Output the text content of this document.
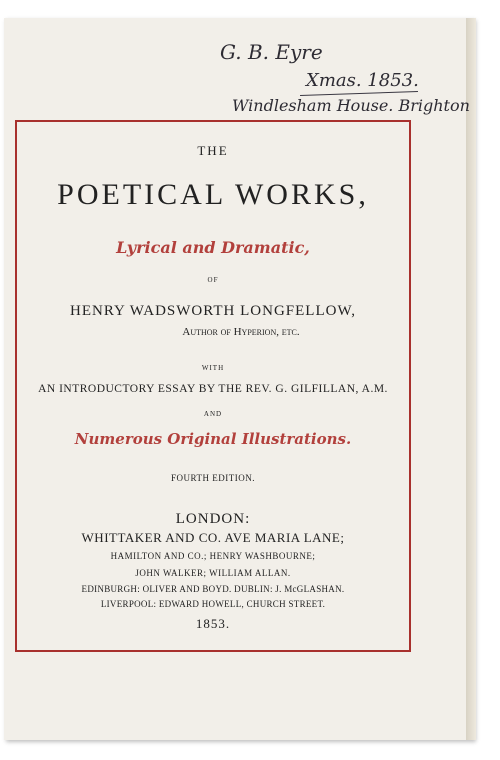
G. B. Eyre
Xmas. 1853.
Windlesham House. Brighton
THE
POETICAL WORKS,
Lyrical and Dramatic,
OF
HENRY WADSWORTH LONGFELLOW,
Author of Hyperion, etc.
WITH
AN INTRODUCTORY ESSAY BY THE REV. G. GILFILLAN, A.M.
AND
Numerous Original Illustrations.
FOURTH EDITION.
LONDON:
WHITTAKER AND CO. AVE MARIA LANE;
HAMILTON AND CO.; HENRY WASHBOURNE;
JOHN WALKER; WILLIAM ALLAN.
EDINBURGH: OLIVER AND BOYD. DUBLIN: J. McGLASHAN.
LIVERPOOL: EDWARD HOWELL, CHURCH STREET.
1853.
